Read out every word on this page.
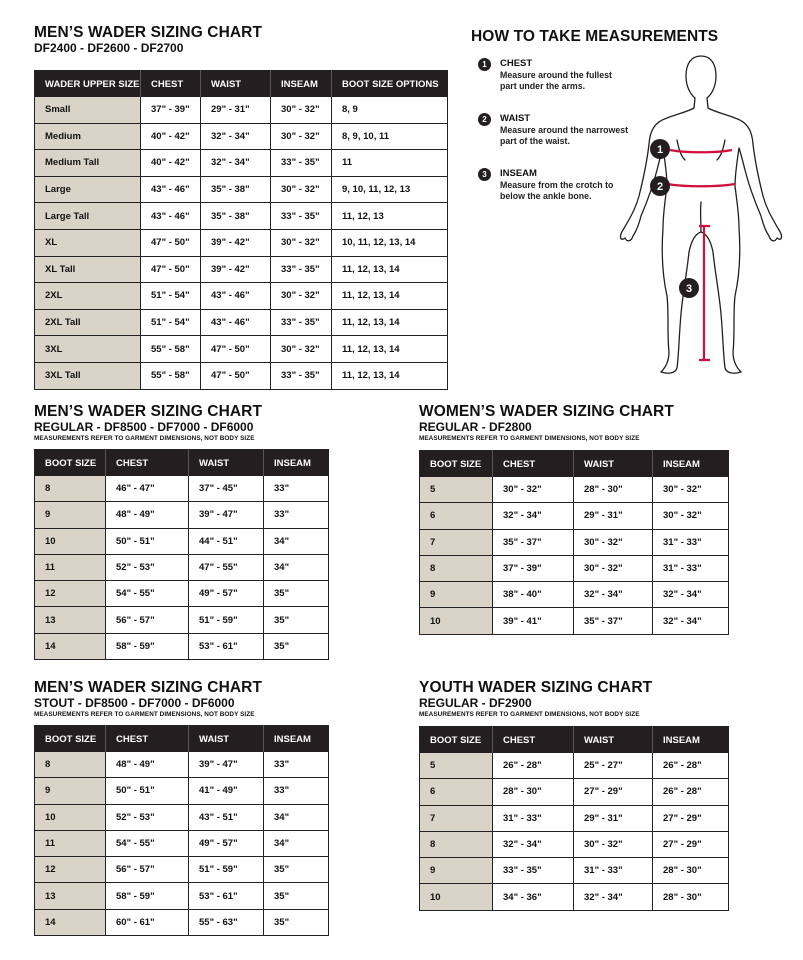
MEN’S WADER SIZING CHART
DF2400 - DF2600 - DF2700
WADER UPPER SIZE	CHEST	WAIST	INSEAM	BOOT SIZE OPTIONS
Small	37" - 39"	29" - 31"	30" - 32"	8, 9
Medium	40" - 42"	32" - 34"	30" - 32"	8, 9, 10, 11
Medium Tall	40" - 42"	32" - 34"	33" - 35"	11
Large	43" - 46"	35" - 38"	30" - 32"	9, 10, 11, 12, 13
Large Tall	43" - 46"	35" - 38"	33" - 35"	11, 12, 13
XL	47" - 50"	39" - 42"	30" - 32"	10, 11, 12, 13, 14
XL Tall	47" - 50"	39" - 42"	33" - 35"	11, 12, 13, 14
2XL	51" - 54"	43" - 46"	30" - 32"	11, 12, 13, 14
2XL Tall	51" - 54"	43" - 46"	33" - 35"	11, 12, 13, 14
3XL	55" - 58"	47" - 50"	30" - 32"	11, 12, 13, 14
3XL Tall	55" - 58"	47" - 50"	33" - 35"	11, 12, 13, 14
HOW TO TAKE MEASUREMENTS
1	CHEST
Measure around the fullest
part under the arms.
2	WAIST
Measure around the narrowest
part of the waist.
3	INSEAM
Measure from the crotch to
below the ankle bone.
1
2
3
MEN’S WADER SIZING CHART
REGULAR - DF8500 - DF7000 - DF6000
MEASUREMENTS REFER TO GARMENT DIMENSIONS, NOT BODY SIZE
BOOT SIZE	CHEST	WAIST	INSEAM
8	46" - 47"	37" - 45"	33"
9	48" - 49"	39" - 47"	33"
10	50" - 51"	44" - 51"	34"
11	52" - 53"	47" - 55"	34"
12	54" - 55"	49" - 57"	35"
13	56" - 57"	51" - 59"	35"
14	58" - 59"	53" - 61"	35"
WOMEN’S WADER SIZING CHART
REGULAR - DF2800
MEASUREMENTS REFER TO GARMENT DIMENSIONS, NOT BODY SIZE
BOOT SIZE	CHEST	WAIST	INSEAM
5	30" - 32"	28" - 30"	30" - 32"
6	32" - 34"	29" - 31"	30" - 32"
7	35" - 37"	30" - 32"	31" - 33"
8	37" - 39"	30" - 32"	31" - 33"
9	38" - 40"	32" - 34"	32" - 34"
10	39" - 41"	35" - 37"	32" - 34"
MEN’S WADER SIZING CHART
STOUT - DF8500 - DF7000 - DF6000
MEASUREMENTS REFER TO GARMENT DIMENSIONS, NOT BODY SIZE
BOOT SIZE	CHEST	WAIST	INSEAM
8	48" - 49"	39" - 47"	33"
9	50" - 51"	41" - 49"	33"
10	52" - 53"	43" - 51"	34"
11	54" - 55"	49" - 57"	34"
12	56" - 57"	51" - 59"	35"
13	58" - 59"	53" - 61"	35"
14	60" - 61"	55" - 63"	35"
YOUTH WADER SIZING CHART
REGULAR - DF2900
MEASUREMENTS REFER TO GARMENT DIMENSIONS, NOT BODY SIZE
BOOT SIZE	CHEST	WAIST	INSEAM
5	26" - 28"	25" - 27"	26" - 28"
6	28" - 30"	27" - 29"	26" - 28"
7	31" - 33"	29" - 31"	27" - 29"
8	32" - 34"	30" - 32"	27" - 29"
9	33" - 35"	31" - 33"	28" - 30"
10	34" - 36"	32" - 34"	28" - 30"
